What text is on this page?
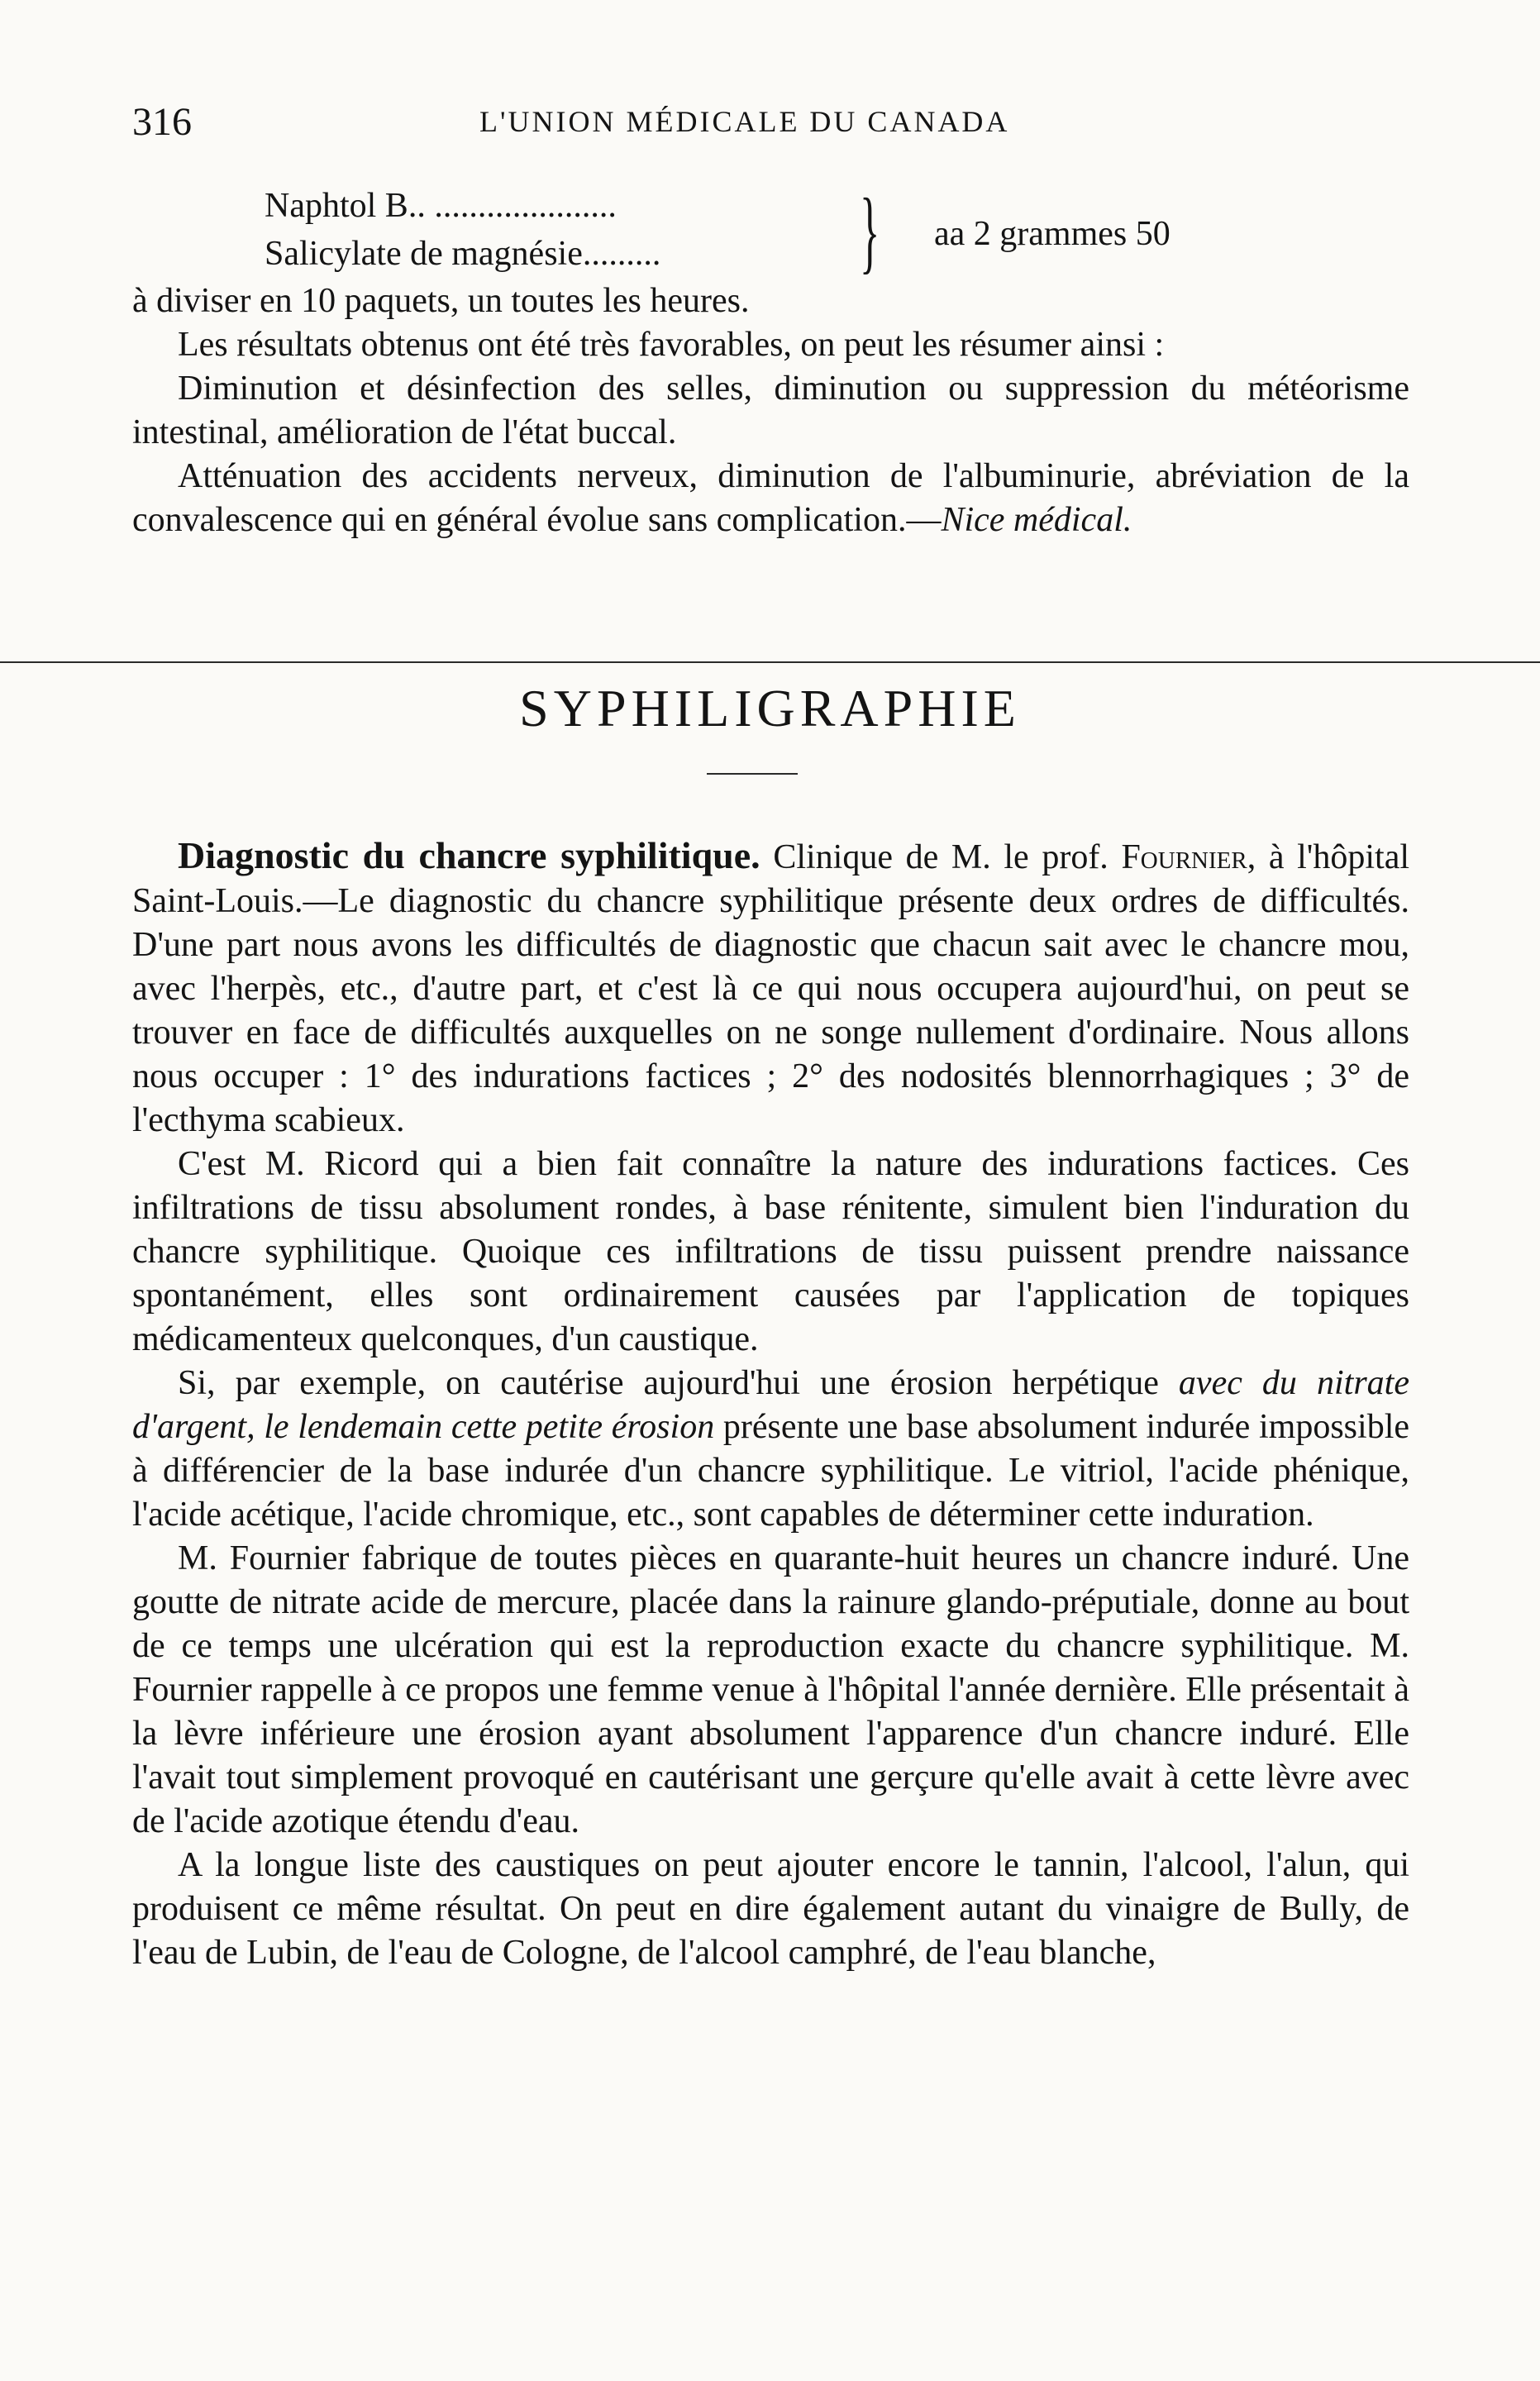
316	L'UNION MÉDICALE DU CANADA
Naphtol B.. .....................
Salicylate de magnésie......... } aa 2 grammes 50

à diviser en 10 paquets, un toutes les heures.

Les résultats obtenus ont été très favorables, on peut les résumer ainsi :

Diminution et désinfection des selles, diminution ou suppression du météorisme intestinal, amélioration de l'état buccal.

Atténuation des accidents nerveux, diminution de l'albuminurie, abréviation de la convalescence qui en général évolue sans complication.—Nice médical.

SYPHILIGRAPHIE

Diagnostic du chancre syphilitique. Clinique de M. le prof. Fournier, à l'hôpital Saint-Louis.—Le diagnostic du chancre syphilitique présente deux ordres de difficultés. D'une part nous avons les difficultés de diagnostic que chacun sait avec le chancre mou, avec l'herpès, etc., d'autre part, et c'est là ce qui nous occupera aujourd'hui, on peut se trouver en face de difficultés auxquelles on ne songe nullement d'ordinaire. Nous allons nous occuper : 1° des indurations factices ; 2° des nodosités blennorrhagiques ; 3° de l'ecthyma scabieux.

C'est M. Ricord qui a bien fait connaître la nature des indurations factices. Ces infiltrations de tissu absolument rondes, à base rénitente, simulent bien l'induration du chancre syphilitique. Quoique ces infiltrations de tissu puissent prendre naissance spontanément, elles sont ordinairement causées par l'application de topiques médicamenteux quelconques, d'un caustique.

Si, par exemple, on cautérise aujourd'hui une érosion herpétique avec du nitrate d'argent, le lendemain cette petite érosion présente une base absolument indurée impossible à différencier de la base indurée d'un chancre syphilitique. Le vitriol, l'acide phénique, l'acide acétique, l'acide chromique, etc., sont capables de déterminer cette induration.

M. Fournier fabrique de toutes pièces en quarante-huit heures un chancre induré. Une goutte de nitrate acide de mercure, placée dans la rainure glando-préputiale, donne au bout de ce temps une ulcération qui est la reproduction exacte du chancre syphilitique. M. Fournier rappelle à ce propos une femme venue à l'hôpital l'année dernière. Elle présentait à la lèvre inférieure une érosion ayant absolument l'apparence d'un chancre induré. Elle l'avait tout simplement provoqué en cautérisant une gerçure qu'elle avait à cette lèvre avec de l'acide azotique étendu d'eau.

A la longue liste des caustiques on peut ajouter encore le tannin, l'alcool, l'alun, qui produisent ce même résultat. On peut en dire également autant du vinaigre de Bully, de l'eau de Lubin, de l'eau de Cologne, de l'alcool camphré, de l'eau blanche,
